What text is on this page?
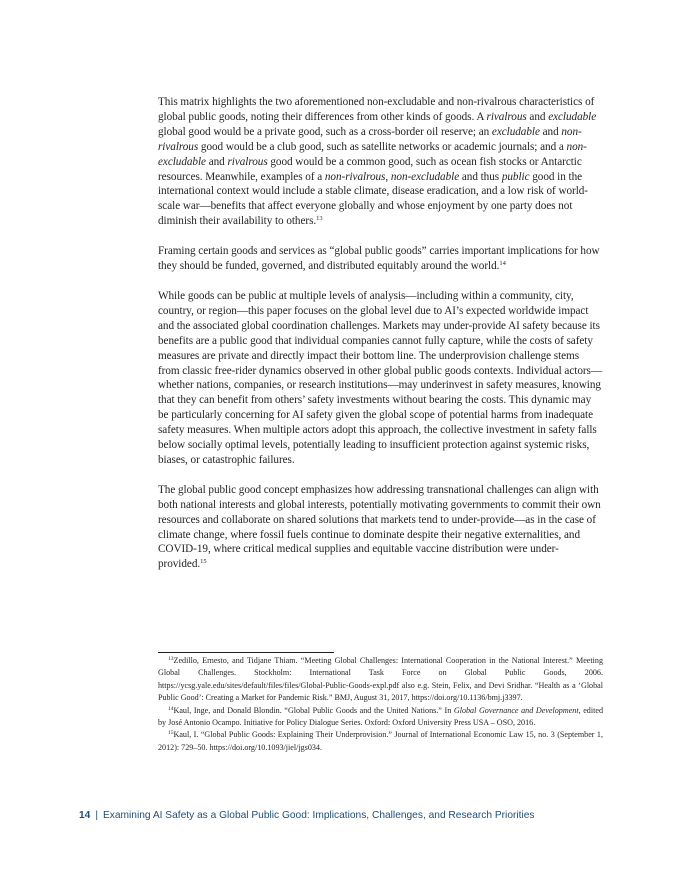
This matrix highlights the two aforementioned non-excludable and non-rivalrous characteristics of global public goods, noting their differences from other kinds of goods. A rivalrous and excludable global good would be a private good, such as a cross-border oil reserve; an excludable and non-rivalrous good would be a club good, such as satellite networks or academic journals; and a non-excludable and rivalrous good would be a common good, such as ocean fish stocks or Antarctic resources. Meanwhile, examples of a non-rivalrous, non-excludable and thus public good in the international context would include a stable climate, disease eradication, and a low risk of world-scale war—benefits that affect everyone globally and whose enjoyment by one party does not diminish their availability to others.$^{13}$

Framing certain goods and services as “global public goods” carries important implications for how they should be funded, governed, and distributed equitably around the world.$^{14}$

While goods can be public at multiple levels of analysis—including within a community, city, country, or region—this paper focuses on the global level due to AI’s expected worldwide impact and the associated global coordination challenges. Markets may under-provide AI safety because its benefits are a public good that individual companies cannot fully capture, while the costs of safety measures are private and directly impact their bottom line. The underprovision challenge stems from classic free-rider dynamics observed in other global public goods contexts. Individual actors—whether nations, companies, or research institutions—may underinvest in safety measures, knowing that they can benefit from others’ safety investments without bearing the costs. This dynamic may be particularly concerning for AI safety given the global scope of potential harms from inadequate safety measures. When multiple actors adopt this approach, the collective investment in safety falls below socially optimal levels, potentially leading to insufficient protection against systemic risks, biases, or catastrophic failures.

The global public good concept emphasizes how addressing transnational challenges can align with both national interests and global interests, potentially motivating governments to commit their own resources and collaborate on shared solutions that markets tend to under-provide—as in the case of climate change, where fossil fuels continue to dominate despite their negative externalities, and COVID-19, where critical medical supplies and equitable vaccine distribution were under-provided.$^{15}$

$^{13}$Zedillo, Ernesto, and Tidjane Thiam. “Meeting Global Challenges: International Cooperation in the National Interest.” Meeting Global Challenges. Stockholm: International Task Force on Global Public Goods, 2006. https://ycsg.yale.edu/sites/default/files/files/Global-Public-Goods-expl.pdf also e.g. Stein, Felix, and Devi Sridhar. “Health as a ‘Global Public Good’: Creating a Market for Pandemic Risk.” BMJ, August 31, 2017, https://doi.org/10.1136/bmj.j3397.

$^{14}$Kaul, Inge, and Donald Blondin. “Global Public Goods and the United Nations.” In Global Governance and Development, edited by José Antonio Ocampo. Initiative for Policy Dialogue Series. Oxford: Oxford University Press USA – OSO, 2016.

$^{15}$Kaul, I. “Global Public Goods: Explaining Their Underprovision.” Journal of International Economic Law 15, no. 3 (September 1, 2012): 729–50. https://doi.org/10.1093/jiel/jgs034.

14 | Examining AI Safety as a Global Public Good: Implications, Challenges, and Research Priorities
